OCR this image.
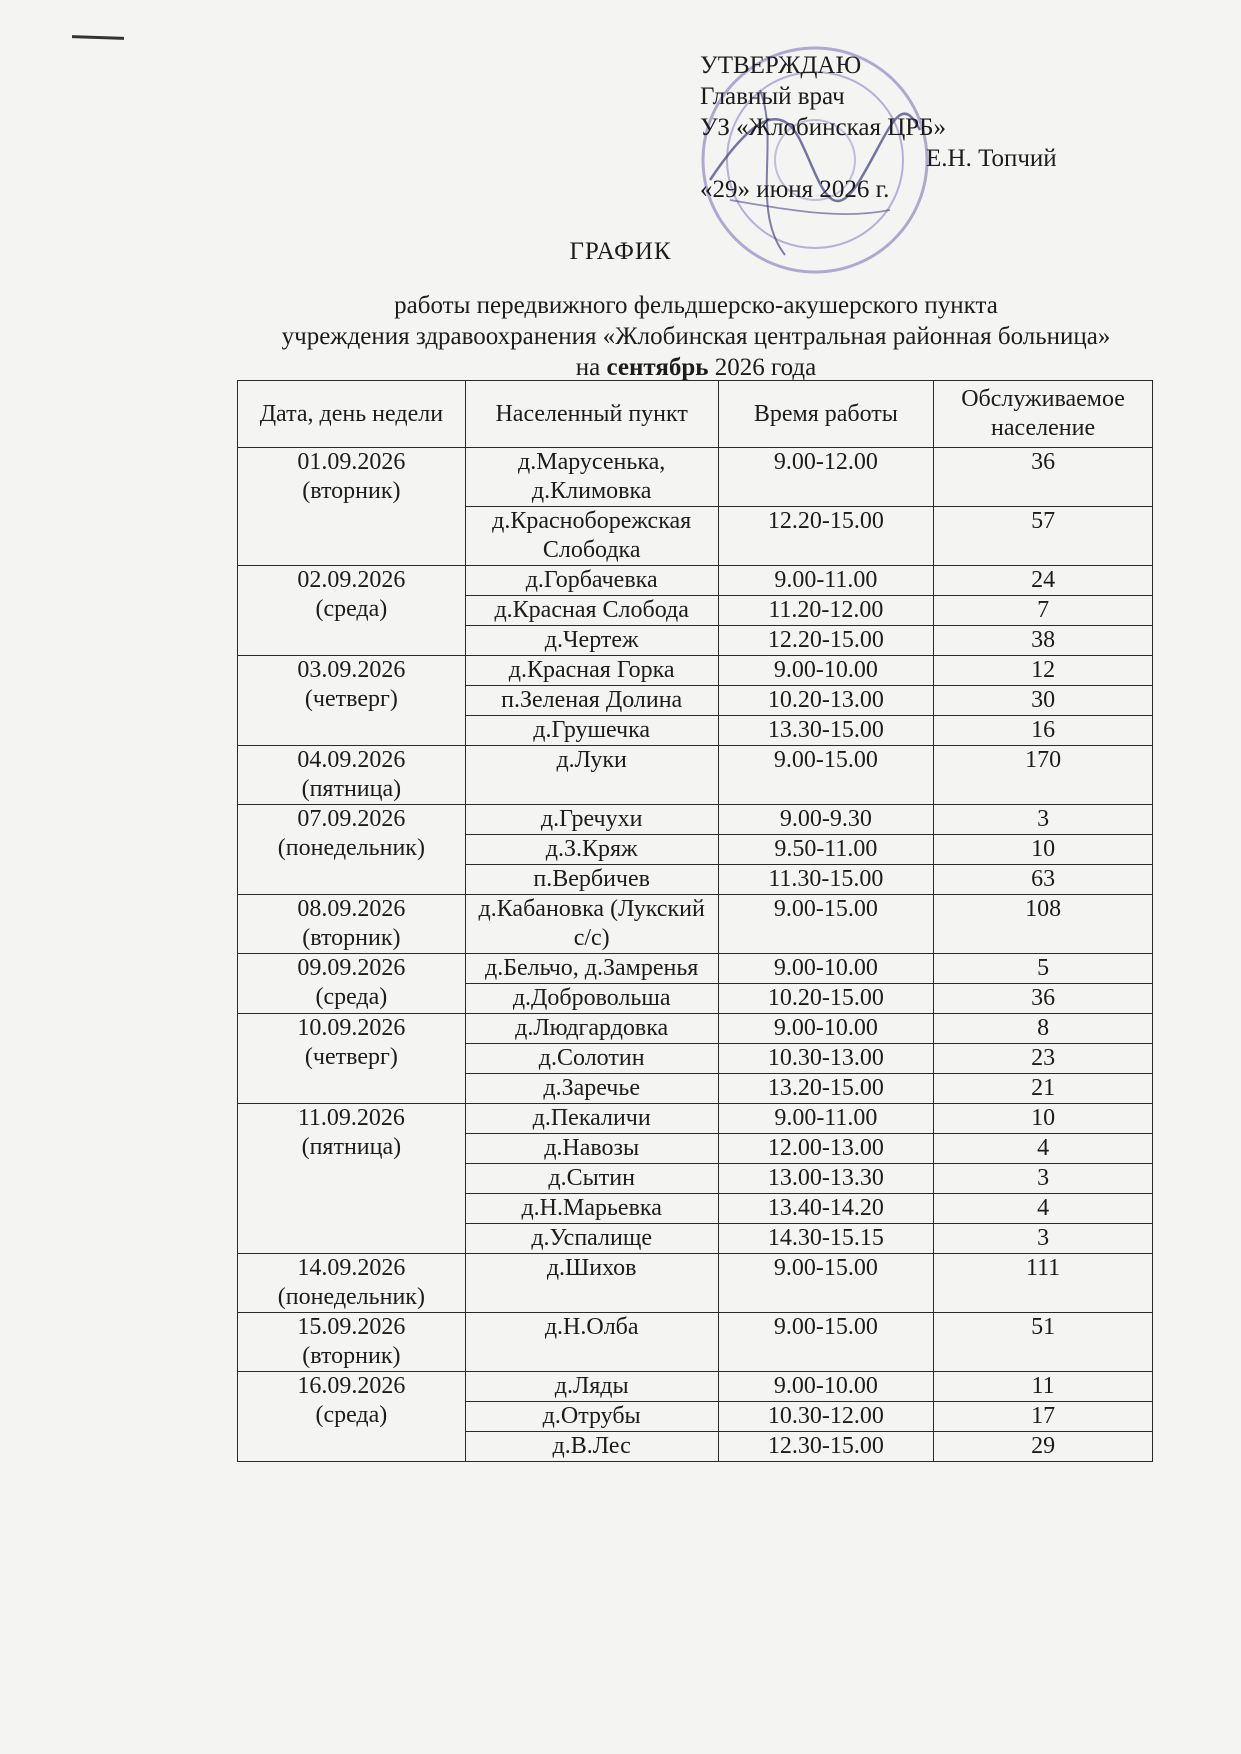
УТВЕРЖДАЮ
Главный врач
УЗ «Жлобинская ЦРБ»
Е.Н. Топчий
«29» июня 2026 г.
ГРАФИК
работы передвижного фельдшерско-акушерского пункта
учреждения здравоохранения «Жлобинская центральная районная больница»
на сентябрь 2026 года
Дата, день недели	Населенный пункт	Время работы	Обслуживаемое население

01.09.2026
(вторник)	д.Марусенька, д.Климовка	9.00-12.00	36
	д.Красноборежская Слободка	12.20-15.00	57

02.09.2026
(среда)	д.Горбачевка	9.00-11.00	24
	д.Красная Слобода	11.20-12.00	7
	д.Чертеж	12.20-15.00	38

03.09.2026
(четверг)	д.Красная Горка	9.00-10.00	12
	п.Зеленая Долина	10.20-13.00	30
	д.Грушечка	13.30-15.00	16

04.09.2026
(пятница)	д.Луки	9.00-15.00	170

07.09.2026
(понедельник)	д.Гречухи	9.00-9.30	3
	д.З.Кряж	9.50-11.00	10
	п.Вербичев	11.30-15.00	63

08.09.2026
(вторник)	д.Кабановка (Лукский с/с)	9.00-15.00	108

09.09.2026
(среда)	д.Бельчо, д.Замренья	9.00-10.00	5
	д.Добровольша	10.20-15.00	36

10.09.2026
(четверг)	д.Людгардовка	9.00-10.00	8
	д.Солотин	10.30-13.00	23
	д.Заречье	13.20-15.00	21

11.09.2026
(пятница)	д.Пекаличи	9.00-11.00	10
	д.Навозы	12.00-13.00	4
	д.Сытин	13.00-13.30	3
	д.Н.Марьевка	13.40-14.20	4
	д.Успалище	14.30-15.15	3

14.09.2026
(понедельник)	д.Шихов	9.00-15.00	111

15.09.2026
(вторник)	д.Н.Олба	9.00-15.00	51

16.09.2026
(среда)	д.Ляды	9.00-10.00	11
	д.Отрубы	10.30-12.00	17
	д.В.Лес	12.30-15.00	29
